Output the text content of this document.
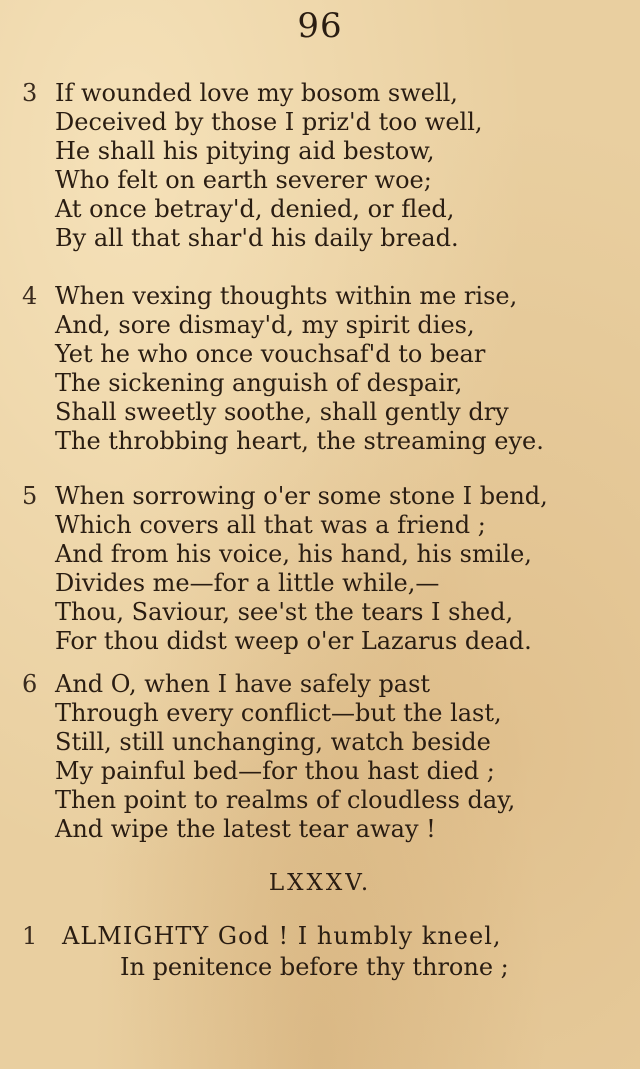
96
3 If wounded love my bosom swell,
Deceived by those I priz'd too well,
He shall his pitying aid bestow,
Who felt on earth severer woe;
At once betray'd, denied, or fled,
By all that shar'd his daily bread.
4 When vexing thoughts within me rise,
And, sore dismay'd, my spirit dies,
Yet he who once vouchsaf'd to bear
The sickening anguish of despair,
Shall sweetly soothe, shall gently dry
The throbbing heart, the streaming eye.
5 When sorrowing o'er some stone I bend,
Which covers all that was a friend ;
And from his voice, his hand, his smile,
Divides me—for a little while,—
Thou, Saviour, see'st the tears I shed,
For thou didst weep o'er Lazarus dead.
6 And O, when I have safely past
Through every conflict—but the last,
Still, still unchanging, watch beside
My painful bed—for thou hast died ;
Then point to realms of cloudless day,
And wipe the latest tear away !
LXXXV.
1 ALMIGHTY God ! I humbly kneel,
In penitence before thy throne ;
